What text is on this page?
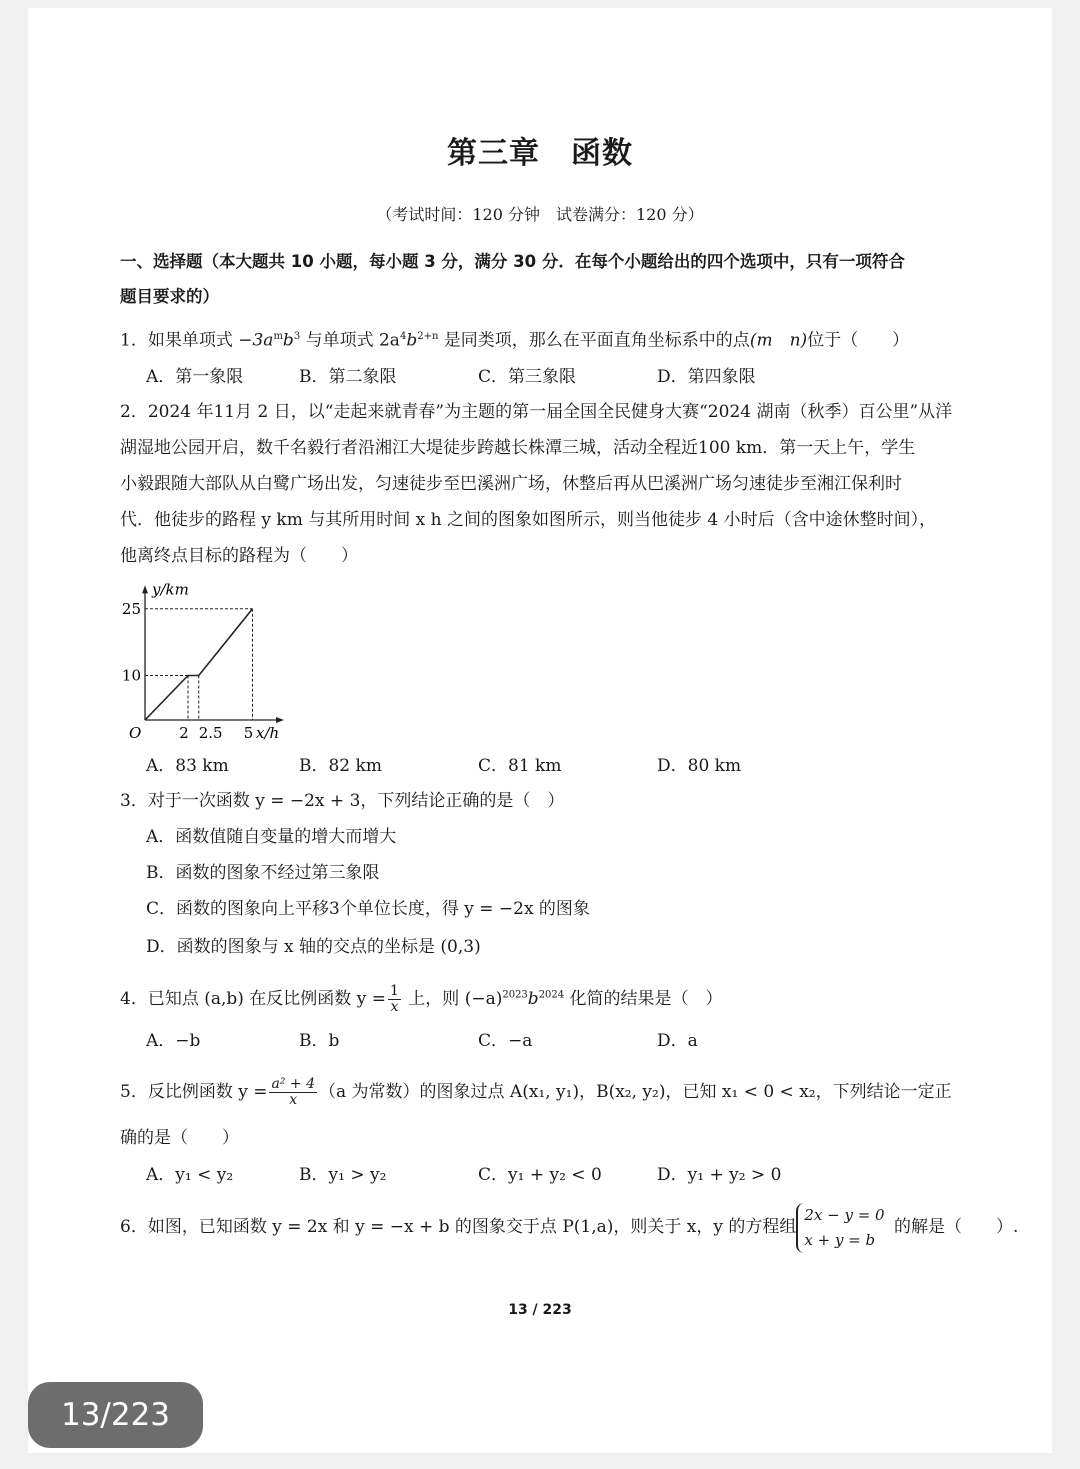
第三章　函数
（考试时间：120 分钟　试卷满分：120 分）
一、选择题（本大题共 10 小题，每小题 3 分，满分 30 分．在每个小题给出的四个选项中，只有一项符合
题目要求的）
1．如果单项式 $-3a^mb^3$ 与单项式 $2a^4b^{2+n}$ 是同类项，那么在平面直角坐标系中的点(m　n)位于（　　）
A．第一象限	B．第二象限	C．第三象限	D．第四象限
2．2024 年11月 2 日，以“走起来就青春”为主题的第一届全国全民健身大赛“2024 湖南（秋季）百公里”从洋
湖湿地公园开启，数千名毅行者沿湘江大堤徒步跨越长株潭三城，活动全程近100 km．第一天上午，学生
小毅跟随大部队从白鹭广场出发，匀速徒步至巴溪洲广场，休整后再从巴溪洲广场匀速徒步至湘江保利时
代．他徒步的路程 y km 与其所用时间 x h 之间的图象如图所示，则当他徒步 4 小时后（含中途休整时间），
他离终点目标的路程为（　　）
y/km
x/h
O	2 2.5 5
10
25
A．83 km	B．82 km	C．81 km	D．80 km
3．对于一次函数 y = −2x + 3，下列结论正确的是（　）
A．函数值随自变量的增大而增大
B．函数的图象不经过第三象限
C．函数的图象向上平移3个单位长度，得 y = −2x 的图象
D．函数的图象与 x 轴的交点的坐标是 (0,3)
4．已知点 (a,b) 在反比例函数 $y = \frac{1}{x}$ 上，则 $(-a)^{2023}b^{2024}$ 化简的结果是（　）
A．−b	B．b	C．−a	D．a
5．反比例函数 $y = \frac{\text{a² + 4}}{x} (a$ 为常数）的图象过点 A(x₁, y₁)，B(x₂, y₂)，已知 x₁ < 0 < x₂，下列结论一定正
确的是（　　）
A．y₁ < y₂	B．y₁ > y₂	C．y₁ + y₂ < 0	D．y₁ + y₂ > 0
6．如图，已知函数 y = 2x 和 y = −x + b 的图象交于点 P(1,a)，则关于 x，y 的方程组
2x − y = 0
x + y = b
的解是（　　）.
13 / 223
13/223
